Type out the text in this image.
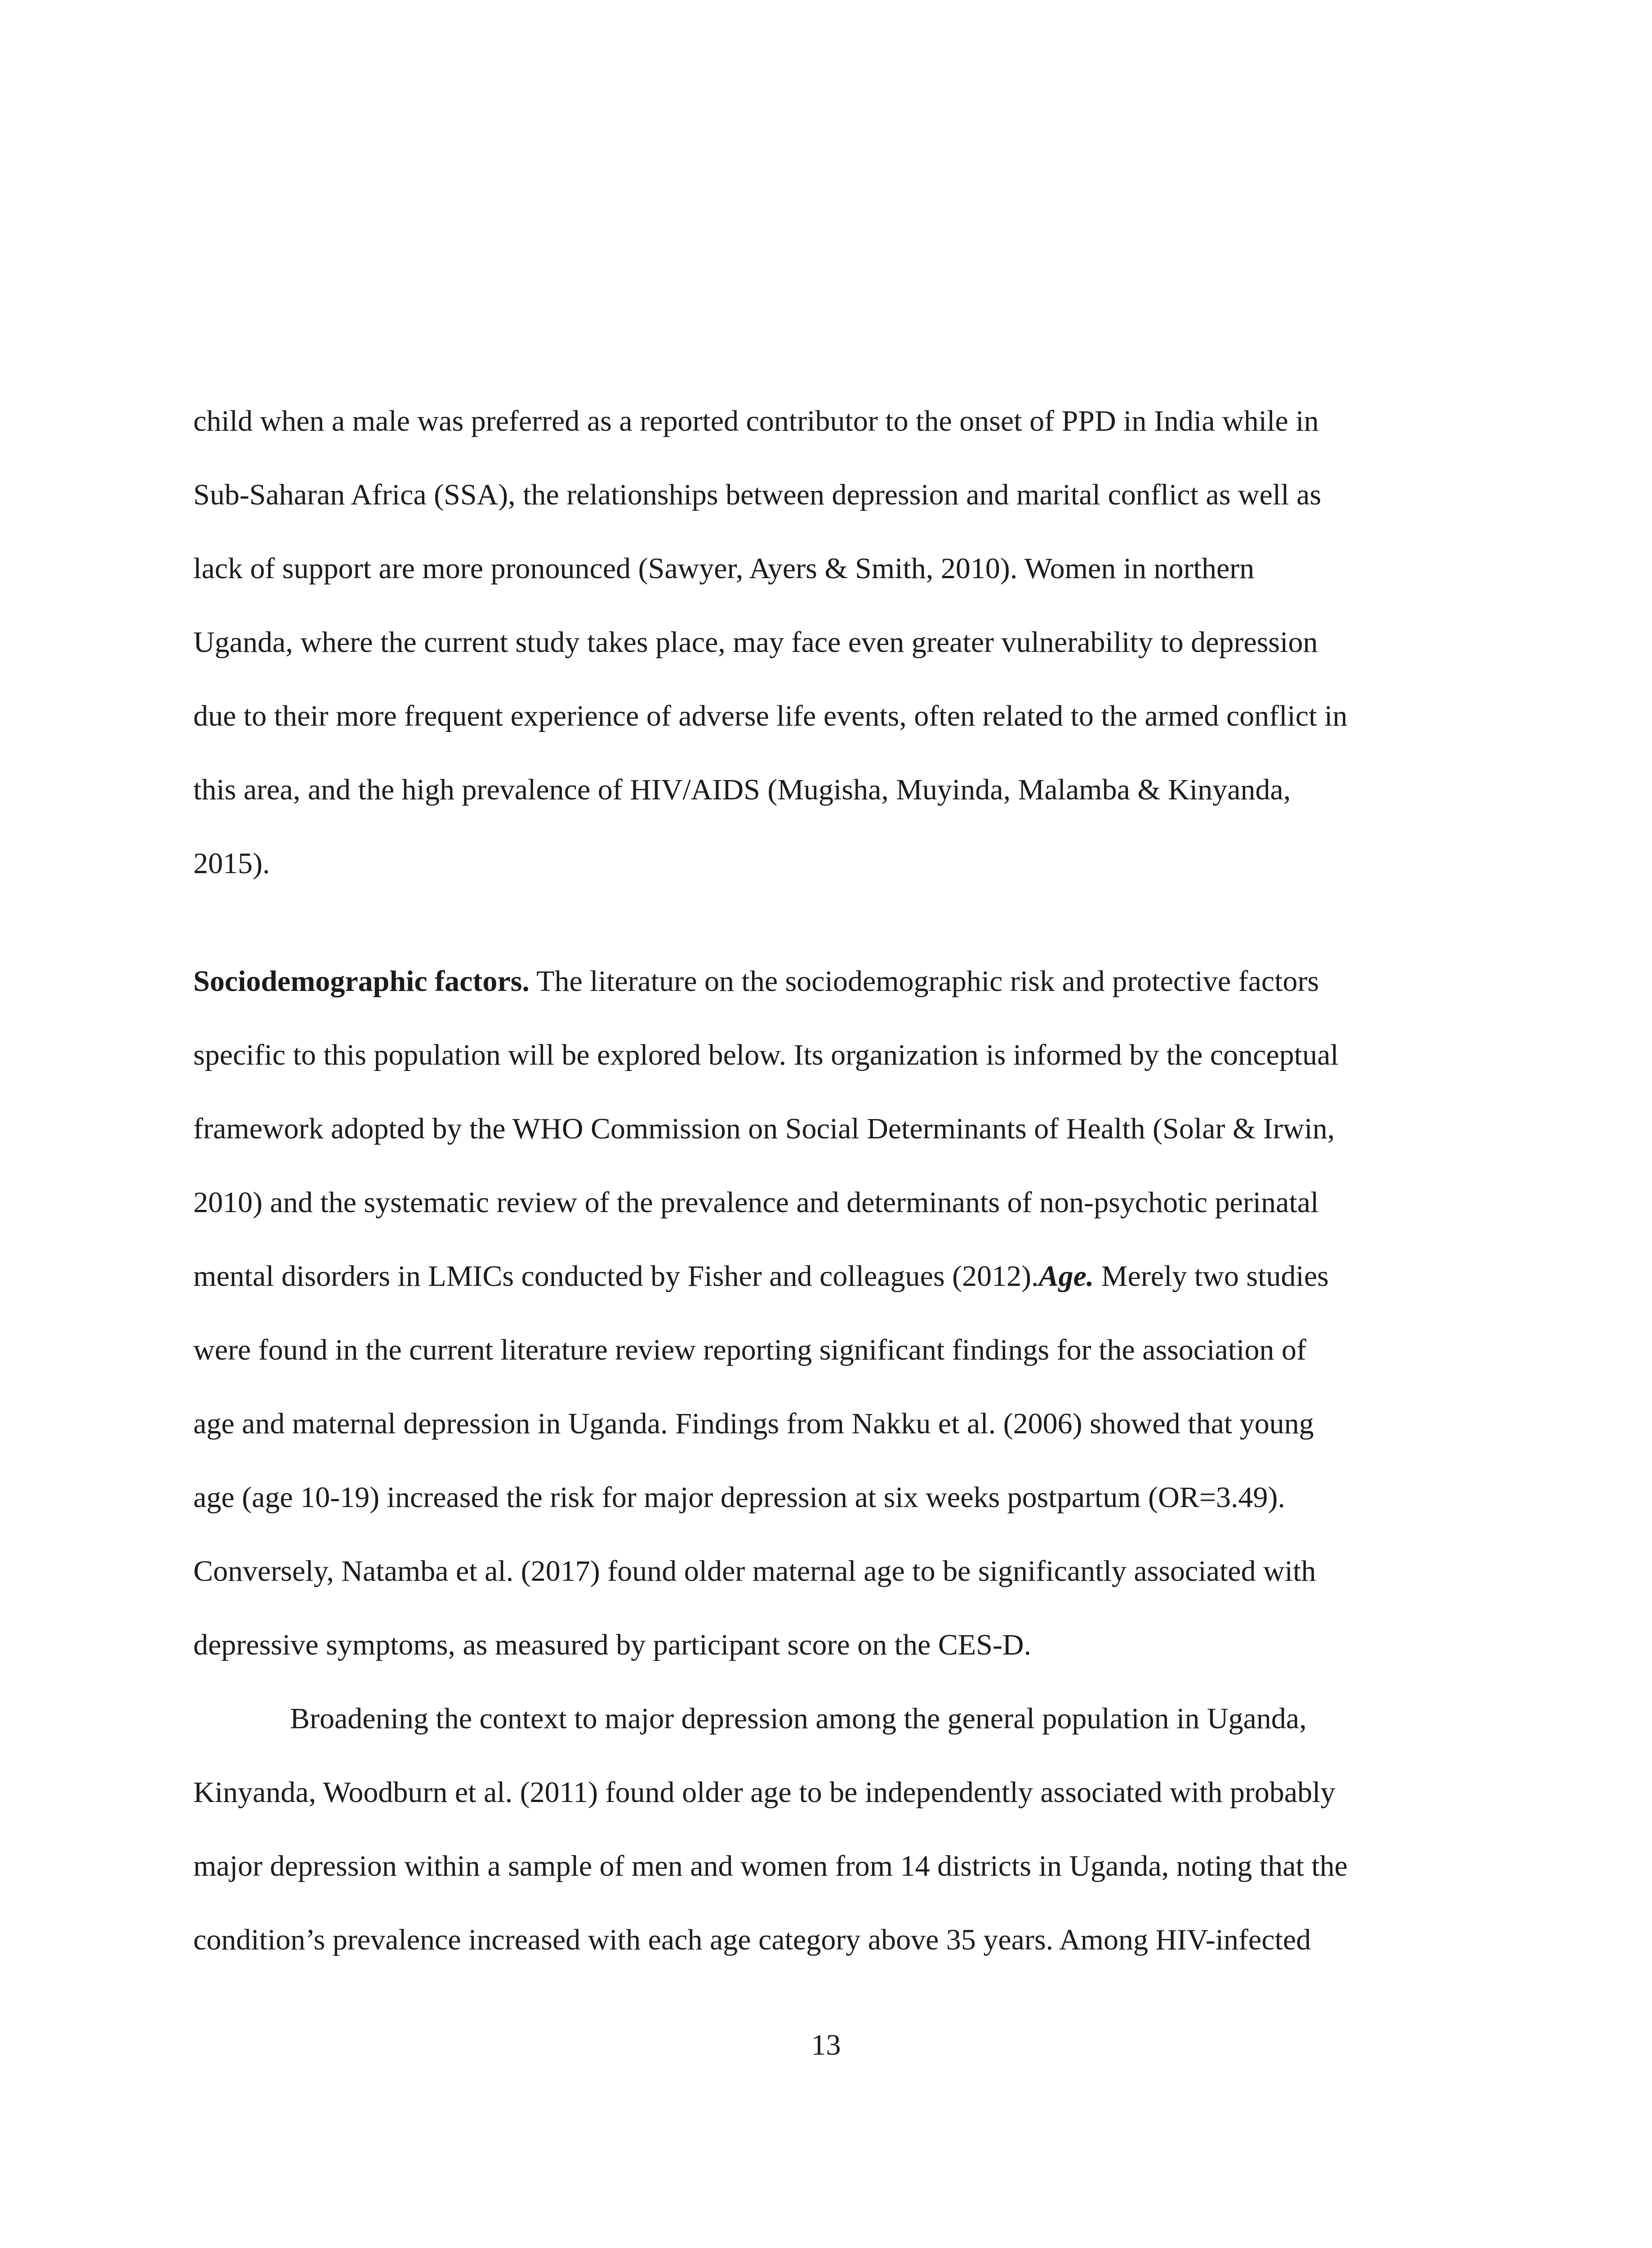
child when a male was preferred as a reported contributor to the onset of PPD in India while in
Sub-Saharan Africa (SSA), the relationships between depression and marital conflict as well as
lack of support are more pronounced (Sawyer, Ayers & Smith, 2010). Women in northern
Uganda, where the current study takes place, may face even greater vulnerability to depression
due to their more frequent experience of adverse life events, often related to the armed conflict in
this area, and the high prevalence of HIV/AIDS (Mugisha, Muyinda, Malamba & Kinyanda,
2015).
Sociodemographic factors. The literature on the sociodemographic risk and protective factors
specific to this population will be explored below. Its organization is informed by the conceptual
framework adopted by the WHO Commission on Social Determinants of Health (Solar & Irwin,
2010) and the systematic review of the prevalence and determinants of non-psychotic perinatal
mental disorders in LMICs conducted by Fisher and colleagues (2012).Age. Merely two studies
were found in the current literature review reporting significant findings for the association of
age and maternal depression in Uganda. Findings from Nakku et al. (2006) showed that young
age (age 10-19) increased the risk for major depression at six weeks postpartum (OR=3.49).
Conversely, Natamba et al. (2017) found older maternal age to be significantly associated with
depressive symptoms, as measured by participant score on the CES-D.
Broadening the context to major depression among the general population in Uganda,
Kinyanda, Woodburn et al. (2011) found older age to be independently associated with probably
major depression within a sample of men and women from 14 districts in Uganda, noting that the
condition’s prevalence increased with each age category above 35 years. Among HIV-infected
13
